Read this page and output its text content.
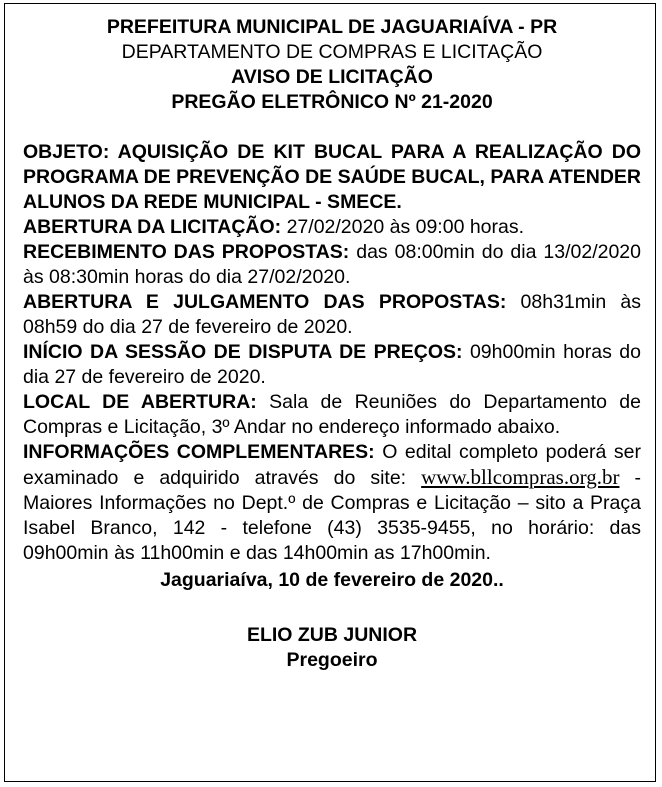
PREFEITURA MUNICIPAL DE JAGUARIAÍVA - PR
DEPARTAMENTO DE COMPRAS E LICITAÇÃO
AVISO DE LICITAÇÃO
PREGÃO ELETRÔNICO Nº 21-2020
OBJETO: AQUISIÇÃO DE KIT BUCAL PARA A REALIZAÇÃO DO PROGRAMA DE PREVENÇÃO DE SAÚDE BUCAL, PARA ATENDER ALUNOS DA REDE MUNICIPAL - SMECE.
ABERTURA DA LICITAÇÃO: 27/02/2020 às 09:00 horas.
RECEBIMENTO DAS PROPOSTAS: das 08:00min do dia 13/02/2020 às 08:30min horas do dia 27/02/2020.
ABERTURA E JULGAMENTO DAS PROPOSTAS: 08h31min às 08h59 do dia 27 de fevereiro de 2020.
INÍCIO DA SESSÃO DE DISPUTA DE PREÇOS: 09h00min horas do dia 27 de fevereiro de 2020.
LOCAL DE ABERTURA: Sala de Reuniões do Departamento de Compras e Licitação, 3º Andar no endereço informado abaixo.
INFORMAÇÕES COMPLEMENTARES: O edital completo poderá ser examinado e adquirido através do site: www.bllcompras.org.br - Maiores Informações no Dept.º de Compras e Licitação – sito a Praça Isabel Branco, 142 - telefone (43) 3535-9455, no horário: das 09h00min às 11h00min e das 14h00min as 17h00min.
Jaguariaíva, 10 de fevereiro de 2020..
ELIO ZUB JUNIOR
Pregoeiro
